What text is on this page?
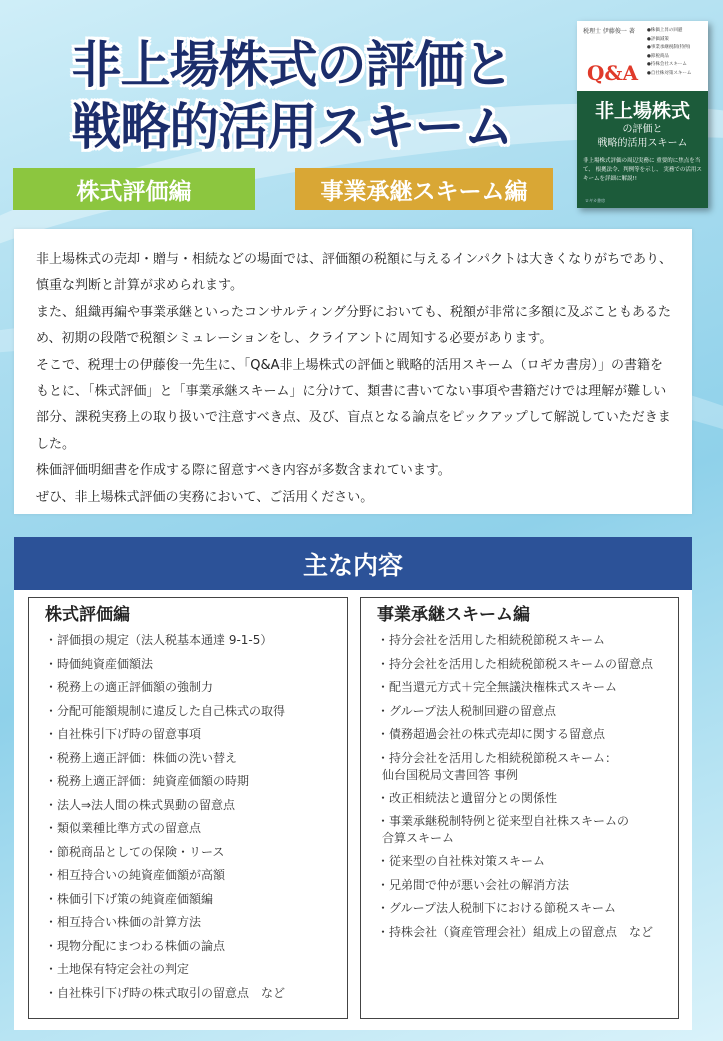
非上場株式の評価と
戦略的活用スキーム
株式評価編	事業承継スキーム編
税理士 伊藤俊一 著
Q&A
●株価上昇の回避
●評価減策
●事業承継税制(特例)
●節税商品
●持株会社スキーム
●自社株対策スキーム
非上場株式
の評価と
戦略的活用スキーム
非上場株式評価の周辺実務に 重要的に焦点を当て、 根拠法令、判例等を示し、 実務での活用スキームを詳細に解説!!
ロギカ書房

非上場株式の売却・贈与・相続などの場面では、評価額の税額に与えるインパクトは大きくなりがちであり、慎重な判断と計算が求められます。

また、組織再編や事業承継といったコンサルティング分野においても、税額が非常に多額に及ぶこともあるため、初期の段階で税額シミュレーションをし、クライアントに周知する必要があります。

そこで、税理士の伊藤俊一先生に、「Q&A非上場株式の評価と戦略的活用スキーム（ロギカ書房）」の書籍をもとに、「株式評価」と「事業承継スキーム」に分けて、類書に書いてない事項や書籍だけでは理解が難しい部分、課税実務上の取り扱いで注意すべき点、及び、盲点となる論点をピックアップして解説していただきました。

株価評価明細書を作成する際に留意すべき内容が多数含まれています。

ぜひ、非上場株式評価の実務において、ご活用ください。

主な内容
株式評価編
・評価損の規定（法人税基本通達 9-1-5）
・時価純資産価額法
・税務上の適正評価額の強制力
・分配可能額規制に違反した自己株式の取得
・自社株引下げ時の留意事項
・税務上適正評価：株価の洗い替え
・税務上適正評価：純資産価額の時期
・法人⇒法人間の株式異動の留意点
・類似業種比準方式の留意点
・節税商品としての保険・リース
・相互持合いの純資産価額が高額
・株価引下げ策の純資産価額編
・相互持合い株価の計算方法
・現物分配にまつわる株価の論点
・土地保有特定会社の判定
・自社株引下げ時の株式取引の留意点　など
事業承継スキーム編
・持分会社を活用した相続税節税スキーム
・持分会社を活用した相続税節税スキームの留意点
・配当還元方式＋完全無議決権株式スキーム
・グループ法人税制回避の留意点
・債務超過会社の株式売却に関する留意点
・持分会社を活用した相続税節税スキーム：
仙台国税局文書回答 事例
・改正相続法と遺留分との関係性
・事業承継税制特例と従来型自社株スキームの
合算スキーム
・従来型の自社株対策スキーム
・兄弟間で仲が悪い会社の解消方法
・グループ法人税制下における節税スキーム
・持株会社（資産管理会社）組成上の留意点　など
